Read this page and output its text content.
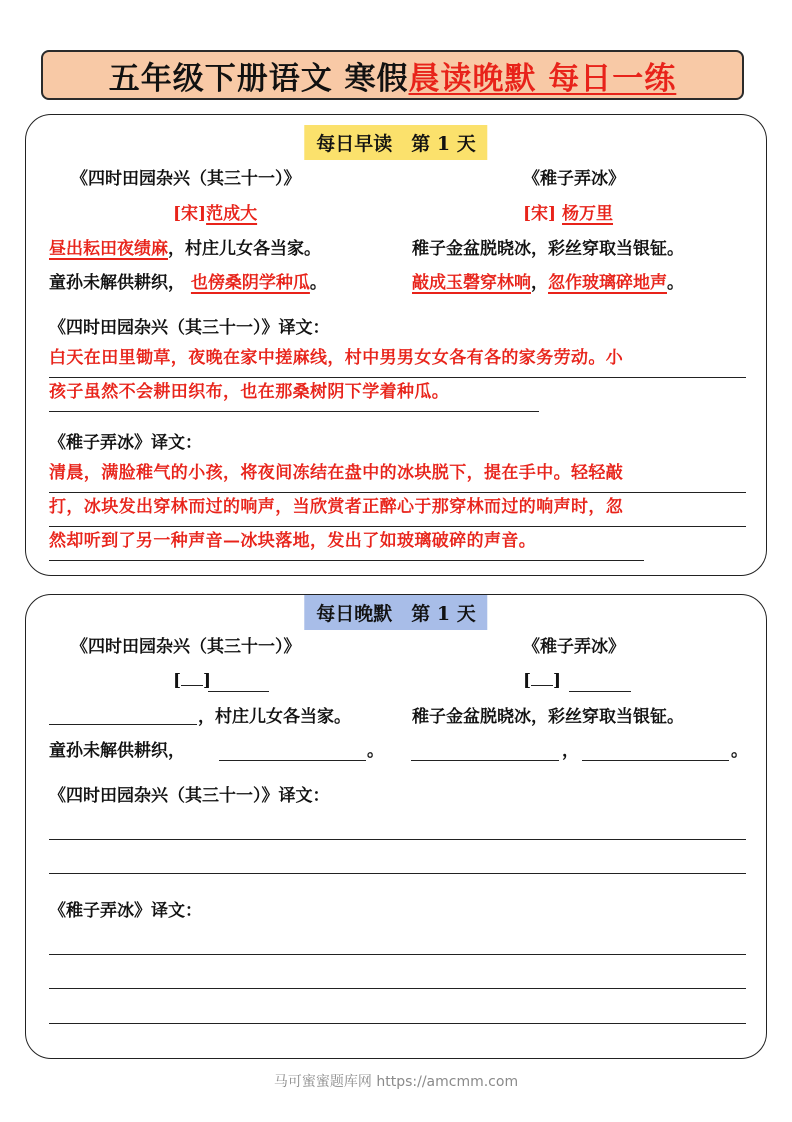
五年级下册语文 寒假 晨读晚默 每日一练
每日早读　第 1 天
《四时田园杂兴（其三十一）》	《稚子弄冰》
[宋]范成大	[宋] 杨万里
昼出耘田夜绩麻，村庄儿女各当家。	稚子金盆脱晓冰，彩丝穿取当银钲。
童孙未解供耕织， 也傍桑阴学种瓜。	敲成玉磬穿林响，忽作玻璃碎地声。
《四时田园杂兴（其三十一）》译文：
白天在田里锄草，夜晚在家中搓麻线，村中男男女女各有各的家务劳动。小
孩子虽然不会耕田织布，也在那桑树阴下学着种瓜。
《稚子弄冰》译文：
清晨，满脸稚气的小孩，将夜间冻结在盘中的冰块脱下，提在手中。轻轻敲
打，冰块发出穿林而过的响声，当欣赏者正醉心于那穿林而过的响声时，忽
然却听到了另一种声音—冰块落地，发出了如玻璃破碎的声音。
每日晚默　第 1 天
《四时田园杂兴（其三十一）》	《稚子弄冰》
[ ]	[ ]
，村庄儿女各当家。	稚子金盆脱晓冰，彩丝穿取当银钲。
童孙未解供耕织，	。	，	。
《四时田园杂兴（其三十一）》译文：
《稚子弄冰》译文：
马可蜜蜜题库网 https://amcmm.com
